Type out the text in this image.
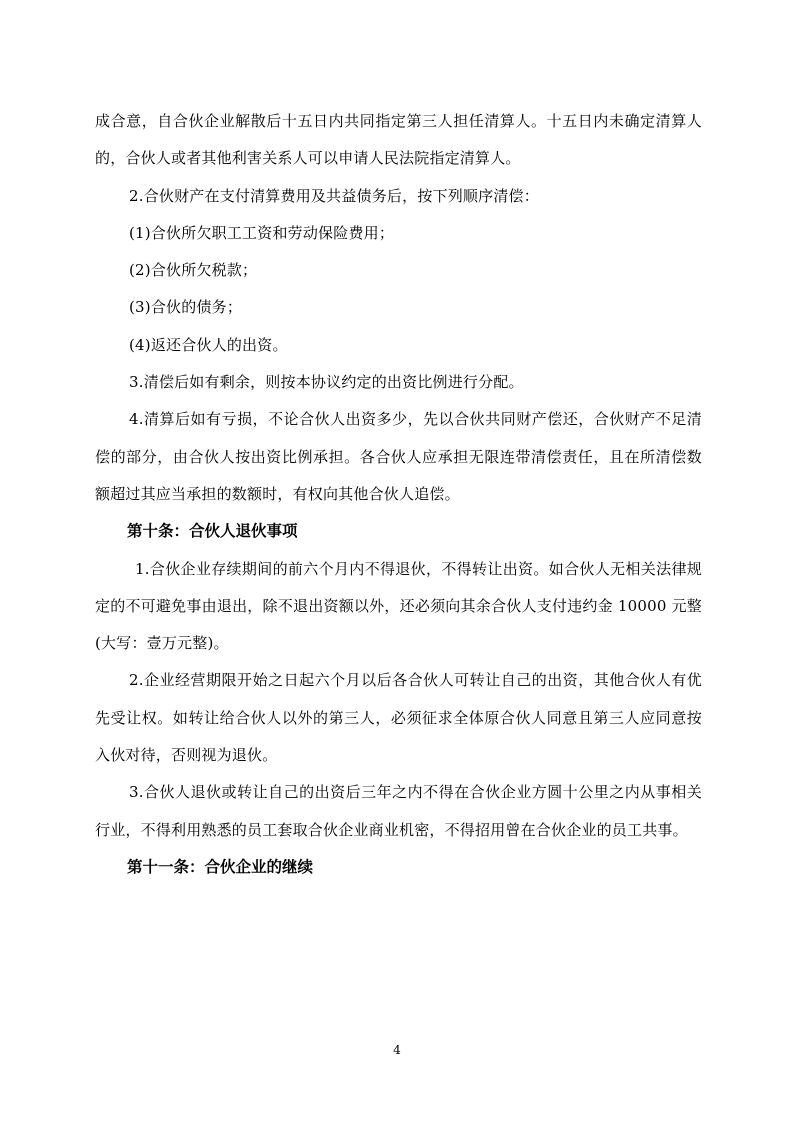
成合意，自合伙企业解散后十五日内共同指定第三人担任清算人。十五日内未确定清算人的，合伙人或者其他利害关系人可以申请人民法院指定清算人。

2.合伙财产在支付清算费用及共益债务后，按下列顺序清偿：

(1)合伙所欠职工工资和劳动保险费用；

(2)合伙所欠税款；

(3)合伙的债务；

(4)返还合伙人的出资。

3.清偿后如有剩余，则按本协议约定的出资比例进行分配。

4.清算后如有亏损，不论合伙人出资多少，先以合伙共同财产偿还，合伙财产不足清偿的部分，由合伙人按出资比例承担。各合伙人应承担无限连带清偿责任，且在所清偿数额超过其应当承担的数额时，有权向其他合伙人追偿。

第十条：合伙人退伙事项

1.合伙企业存续期间的前六个月内不得退伙，不得转让出资。如合伙人无相关法律规定的不可避免事由退出，除不退出资额以外，还必须向其余合伙人支付违约金 10000 元整(大写：壹万元整)。

2.企业经营期限开始之日起六个月以后各合伙人可转让自己的出资，其他合伙人有优先受让权。如转让给合伙人以外的第三人，必须征求全体原合伙人同意且第三人应同意按入伙对待，否则视为退伙。

3.合伙人退伙或转让自己的出资后三年之内不得在合伙企业方圆十公里之内从事相关行业，不得利用熟悉的员工套取合伙企业商业机密，不得招用曾在合伙企业的员工共事。

第十一条：合伙企业的继续
4
